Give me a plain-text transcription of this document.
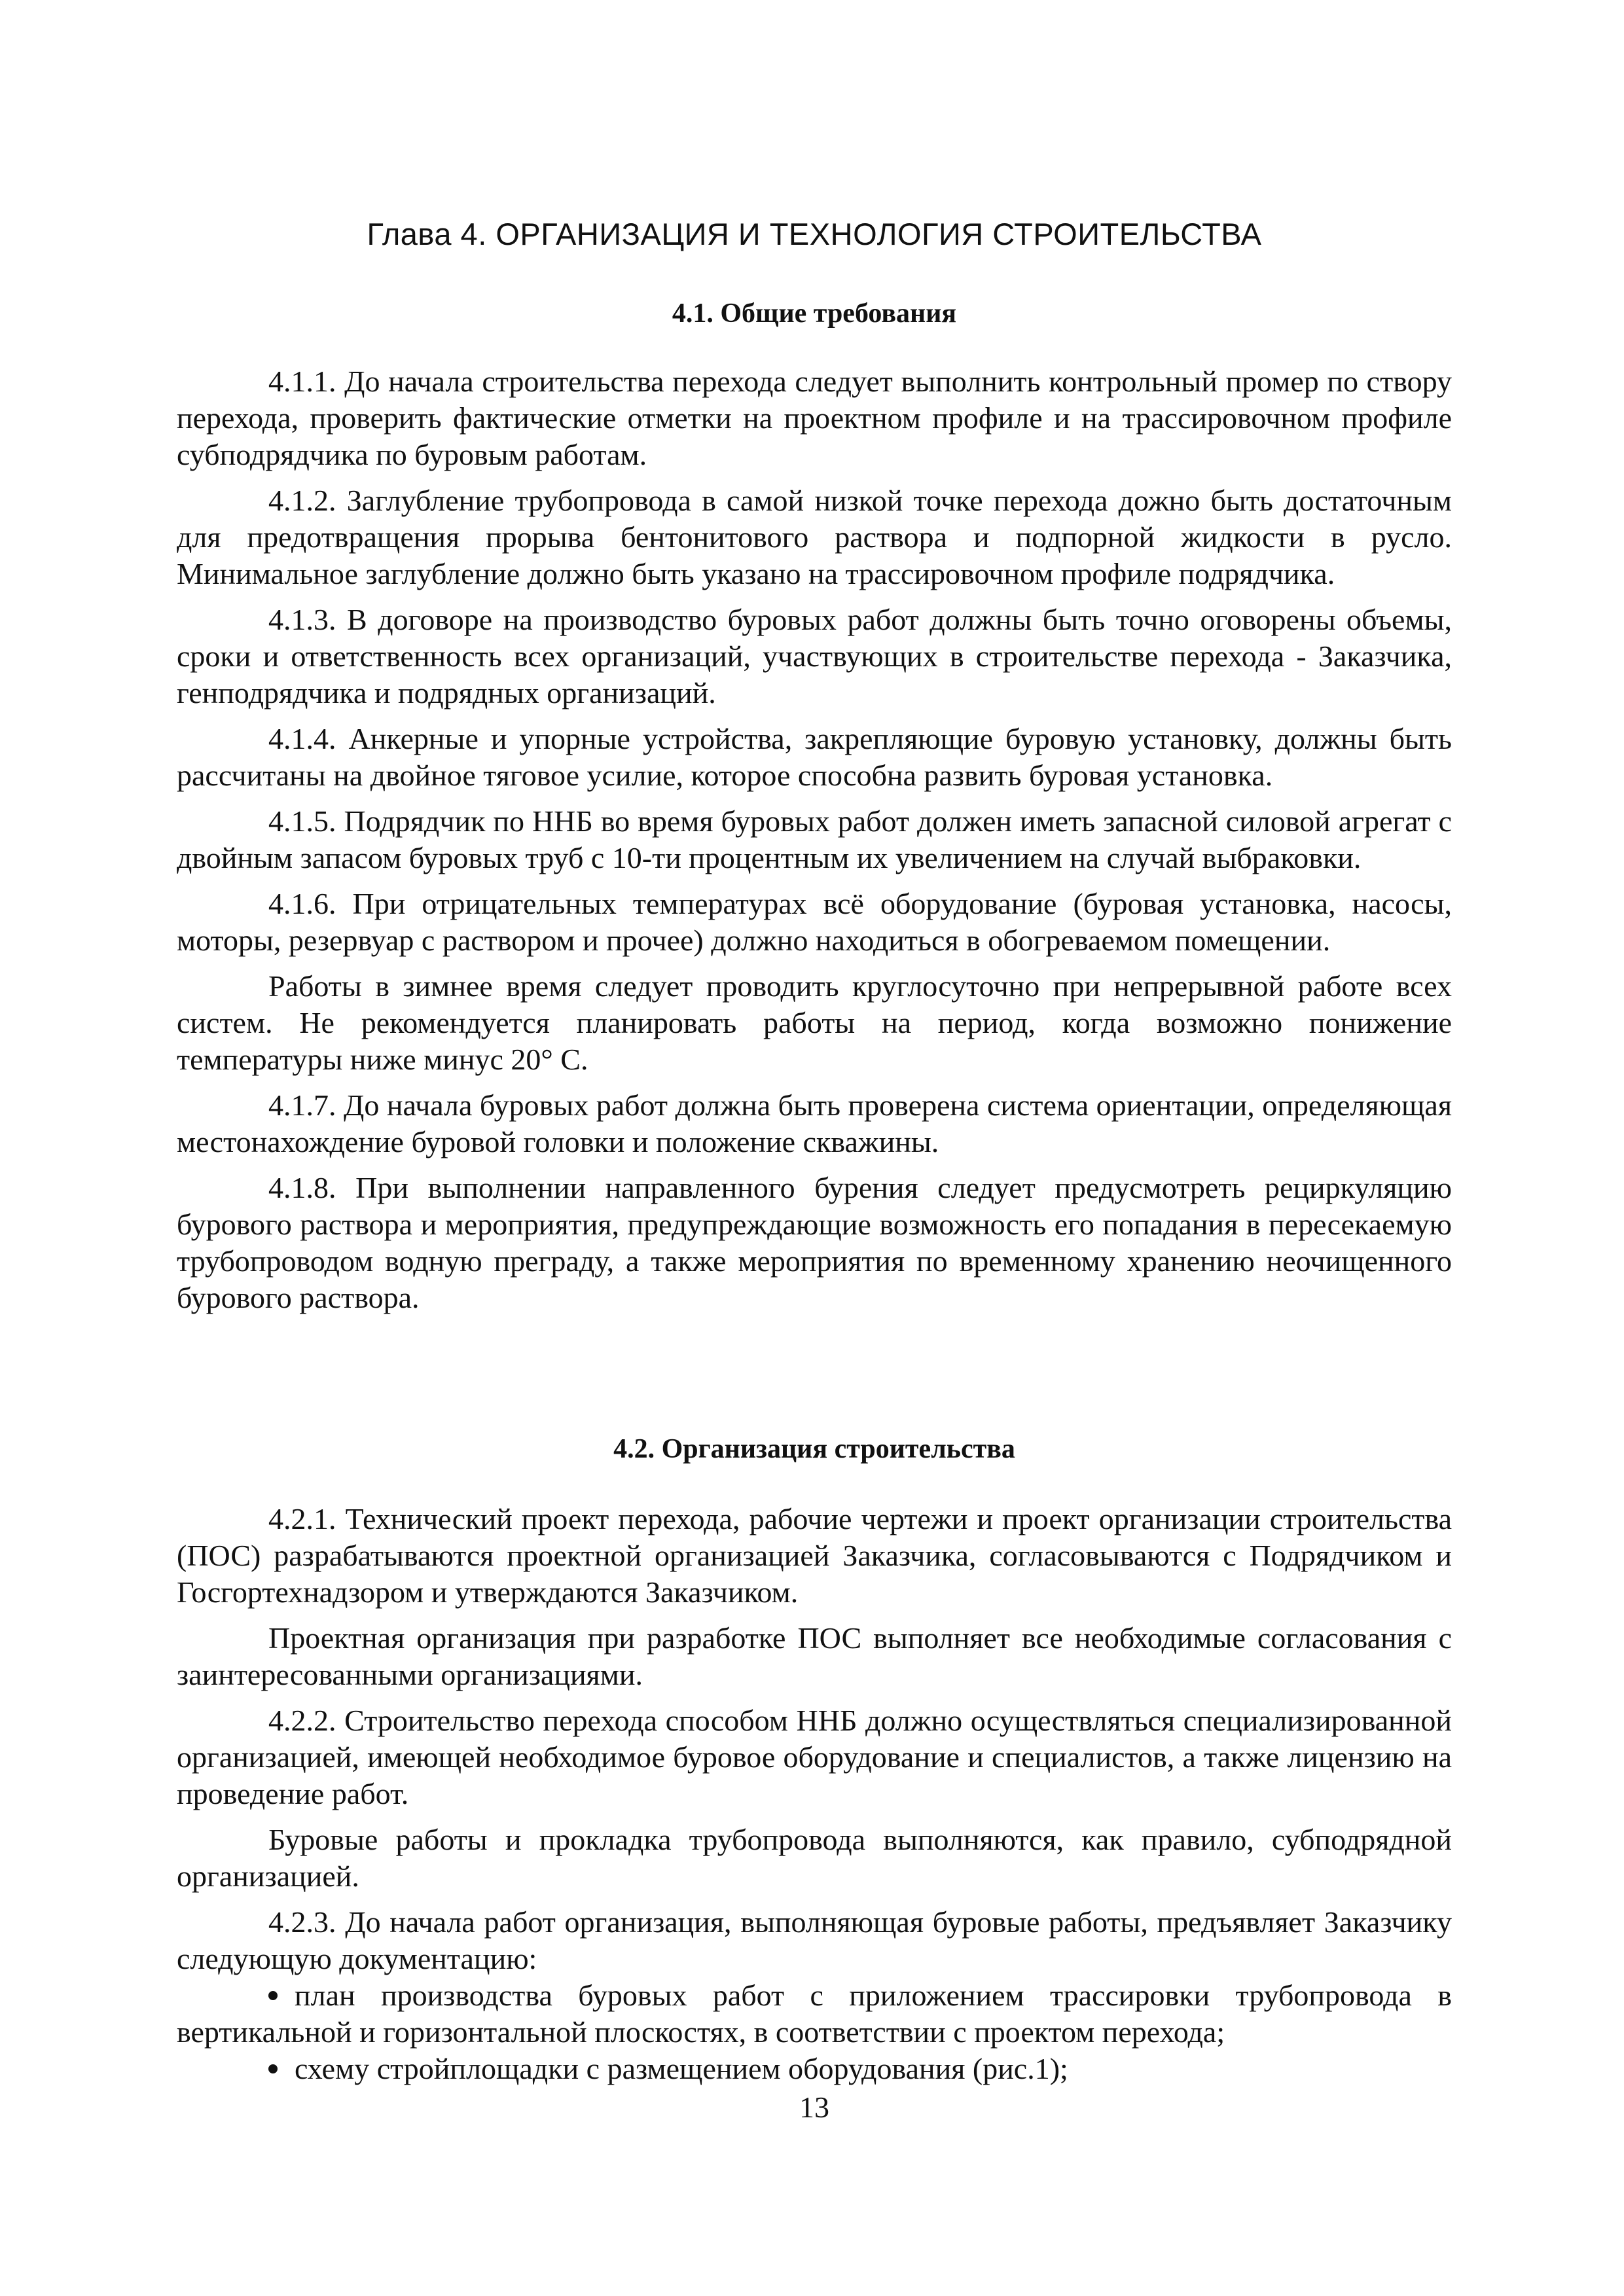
Глава 4. ОРГАНИЗАЦИЯ И ТЕХНОЛОГИЯ СТРОИТЕЛЬСТВА
4.1. Общие требования

4.1.1. До начала строительства перехода следует выполнить контрольный промер по створу перехода, проверить фактические отметки на проектном профиле и на трассировочном профиле субподрядчика по буровым работам.

4.1.2. Заглубление трубопровода в самой низкой точке перехода дожно быть достаточным для предотвращения прорыва бентонитового раствора и подпорной жидкости в русло. Минимальное заглубление должно быть указано на трассировочном профиле подрядчика.

4.1.3. В договоре на производство буровых работ должны быть точно оговорены объемы, сроки и ответственность всех организаций, участвующих в строительстве перехода - Заказчика, генподрядчика и подрядных организаций.

4.1.4. Анкерные и упорные устройства, закрепляющие буровую установку, должны быть рассчитаны на двойное тяговое усилие, которое способна развить буровая установка.

4.1.5. Подрядчик по ННБ во время буровых работ должен иметь запасной силовой агрегат с двойным запасом буровых труб с 10-ти процентным их увеличением на случай выбраковки.

4.1.6. При отрицательных температурах всё оборудование (буровая установка, насосы, моторы, резервуар с раствором и прочее) должно находиться в обогреваемом помещении.

Работы в зимнее время следует проводить круглосуточно при непрерывной работе всех систем. Не рекомендуется планировать работы на период, когда возможно понижение температуры ниже минус 20° С.

4.1.7. До начала буровых работ должна быть проверена система ориентации, определяющая местонахождение буровой головки и положение скважины.

4.1.8. При выполнении направленного бурения следует предусмотреть рециркуляцию бурового раствора и мероприятия, предупреждающие возможность его попадания в пересекаемую трубопроводом водную преграду, а также мероприятия по временному хранению неочищенного бурового раствора.

4.2. Организация строительства

4.2.1. Технический проект перехода, рабочие чертежи и проект организации строительства (ПОС) разрабатываются проектной организацией Заказчика, согласовываются с Подрядчиком и Госгортехнадзором и утверждаются Заказчиком.

Проектная организация при разработке ПОС выполняет все необходимые согласования с заинтересованными организациями.

4.2.2. Строительство перехода способом ННБ должно осуществляться специализированной организацией, имеющей необходимое буровое оборудование и специалистов, а также лицензию на проведение работ.

Буровые работы и прокладка трубопровода выполняются, как правило, субподрядной организацией.

4.2.3. До начала работ организация, выполняющая буровые работы, предъявляет Заказчику следующую документацию:

план производства буровых работ с приложением трассировки трубопровода в вертикальной и горизонтальной плоскостях, в соответствии с проектом перехода;
схему стройплощадки с размещением оборудования (рис.1);

13
